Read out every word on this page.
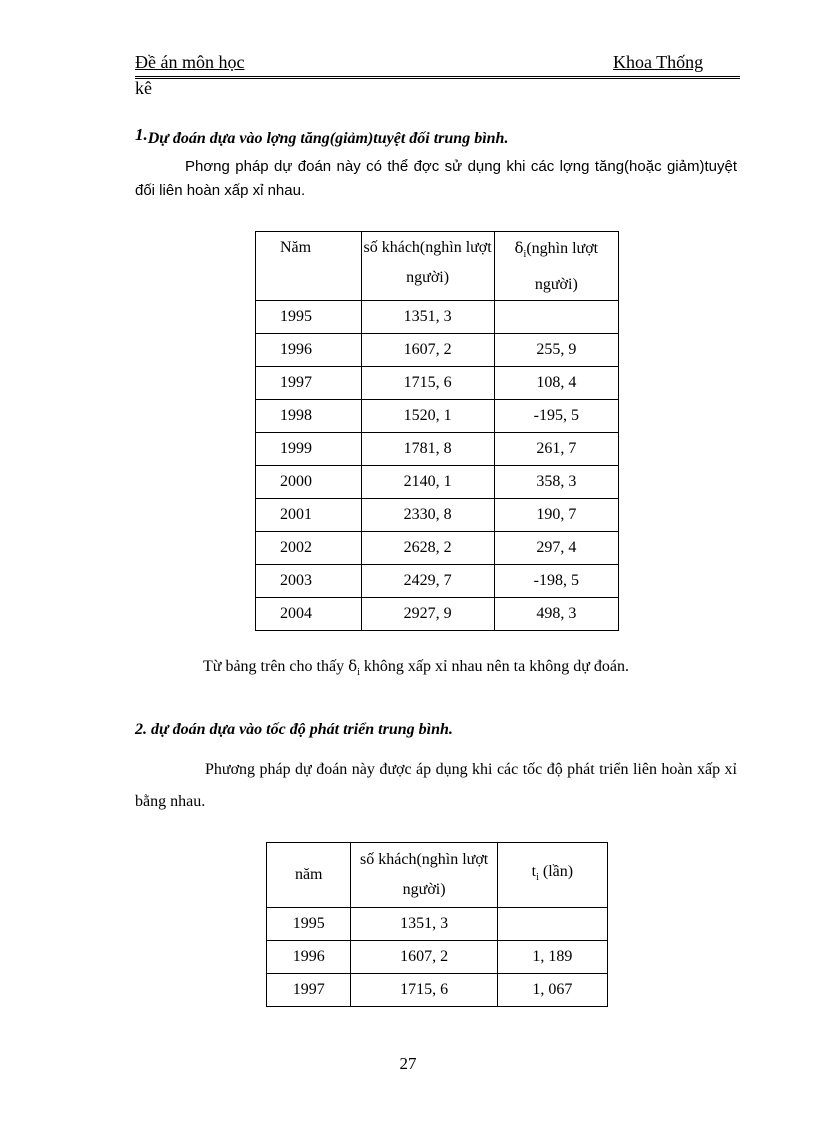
Đề án môn học	Khoa Thống
kê
1.Dự đoán dựa vào lợng tăng(giảm)tuyệt đối trung bình.
Phơng pháp dự đoán này có thể đợc sử dụng khi các lợng tăng(hoặc giảm)tuyệt đối liên hoàn xấp xỉ nhau.
Năm	số khách(nghìn lượt người)	$\delta_i(nghìn$ lượt người)
1995	1351, 3	
1996	1607, 2	255, 9
1997	1715, 6	108, 4
1998	1520, 1	-195, 5
1999	1781, 8	261, 7
2000	2140, 1	358, 3
2001	2330, 8	190, 7
2002	2628, 2	297, 4
2003	2429, 7	-198, 5
2004	2927, 9	498, 3
Từ bảng trên cho thấy $\delta_i$ không xấp xỉ nhau nên ta không dự đoán.
2. dự đoán dựa vào tốc độ phát triển trung bình.
Phương pháp dự đoán này được áp dụng khi các tốc độ phát triển liên hoàn xấp xỉ bằng nhau.
năm	số khách(nghìn lượt người)	$t_i$ (lần)
1995	1351, 3	
1996	1607, 2	1, 189
1997	1715, 6	1, 067
27
